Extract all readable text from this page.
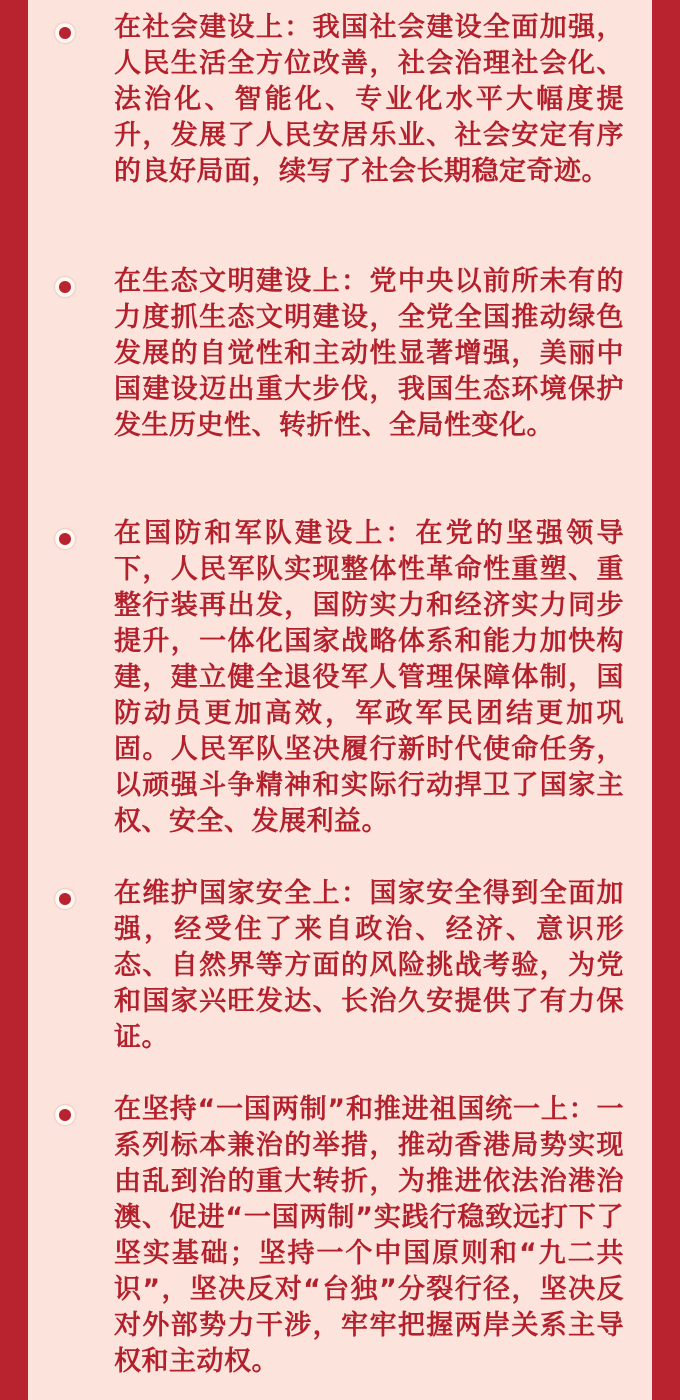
在社会建设上：我国社会建设全面加强，人民生活全方位改善，社会治理社会化、法治化、智能化、专业化水平大幅度提升，发展了人民安居乐业、社会安定有序的良好局面，续写了社会长期稳定奇迹。

在生态文明建设上：党中央以前所未有的力度抓生态文明建设，全党全国推动绿色发展的自觉性和主动性显著增强，美丽中国建设迈出重大步伐，我国生态环境保护发生历史性、转折性、全局性变化。

在国防和军队建设上：在党的坚强领导下，人民军队实现整体性革命性重塑、重整行装再出发，国防实力和经济实力同步提升，一体化国家战略体系和能力加快构建，建立健全退役军人管理保障体制，国防动员更加高效，军政军民团结更加巩固。人民军队坚决履行新时代使命任务，以顽强斗争精神和实际行动捍卫了国家主权、安全、发展利益。

在维护国家安全上：国家安全得到全面加强，经受住了来自政治、经济、意识形态、自然界等方面的风险挑战考验，为党和国家兴旺发达、长治久安提供了有力保证。

在坚持“一国两制”和推进祖国统一上：一系列标本兼治的举措，推动香港局势实现由乱到治的重大转折，为推进依法治港治澳、促进“一国两制”实践行稳致远打下了坚实基础；坚持一个中国原则和“九二共识”，坚决反对“台独”分裂行径，坚决反对外部势力干涉，牢牢把握两岸关系主导权和主动权。
